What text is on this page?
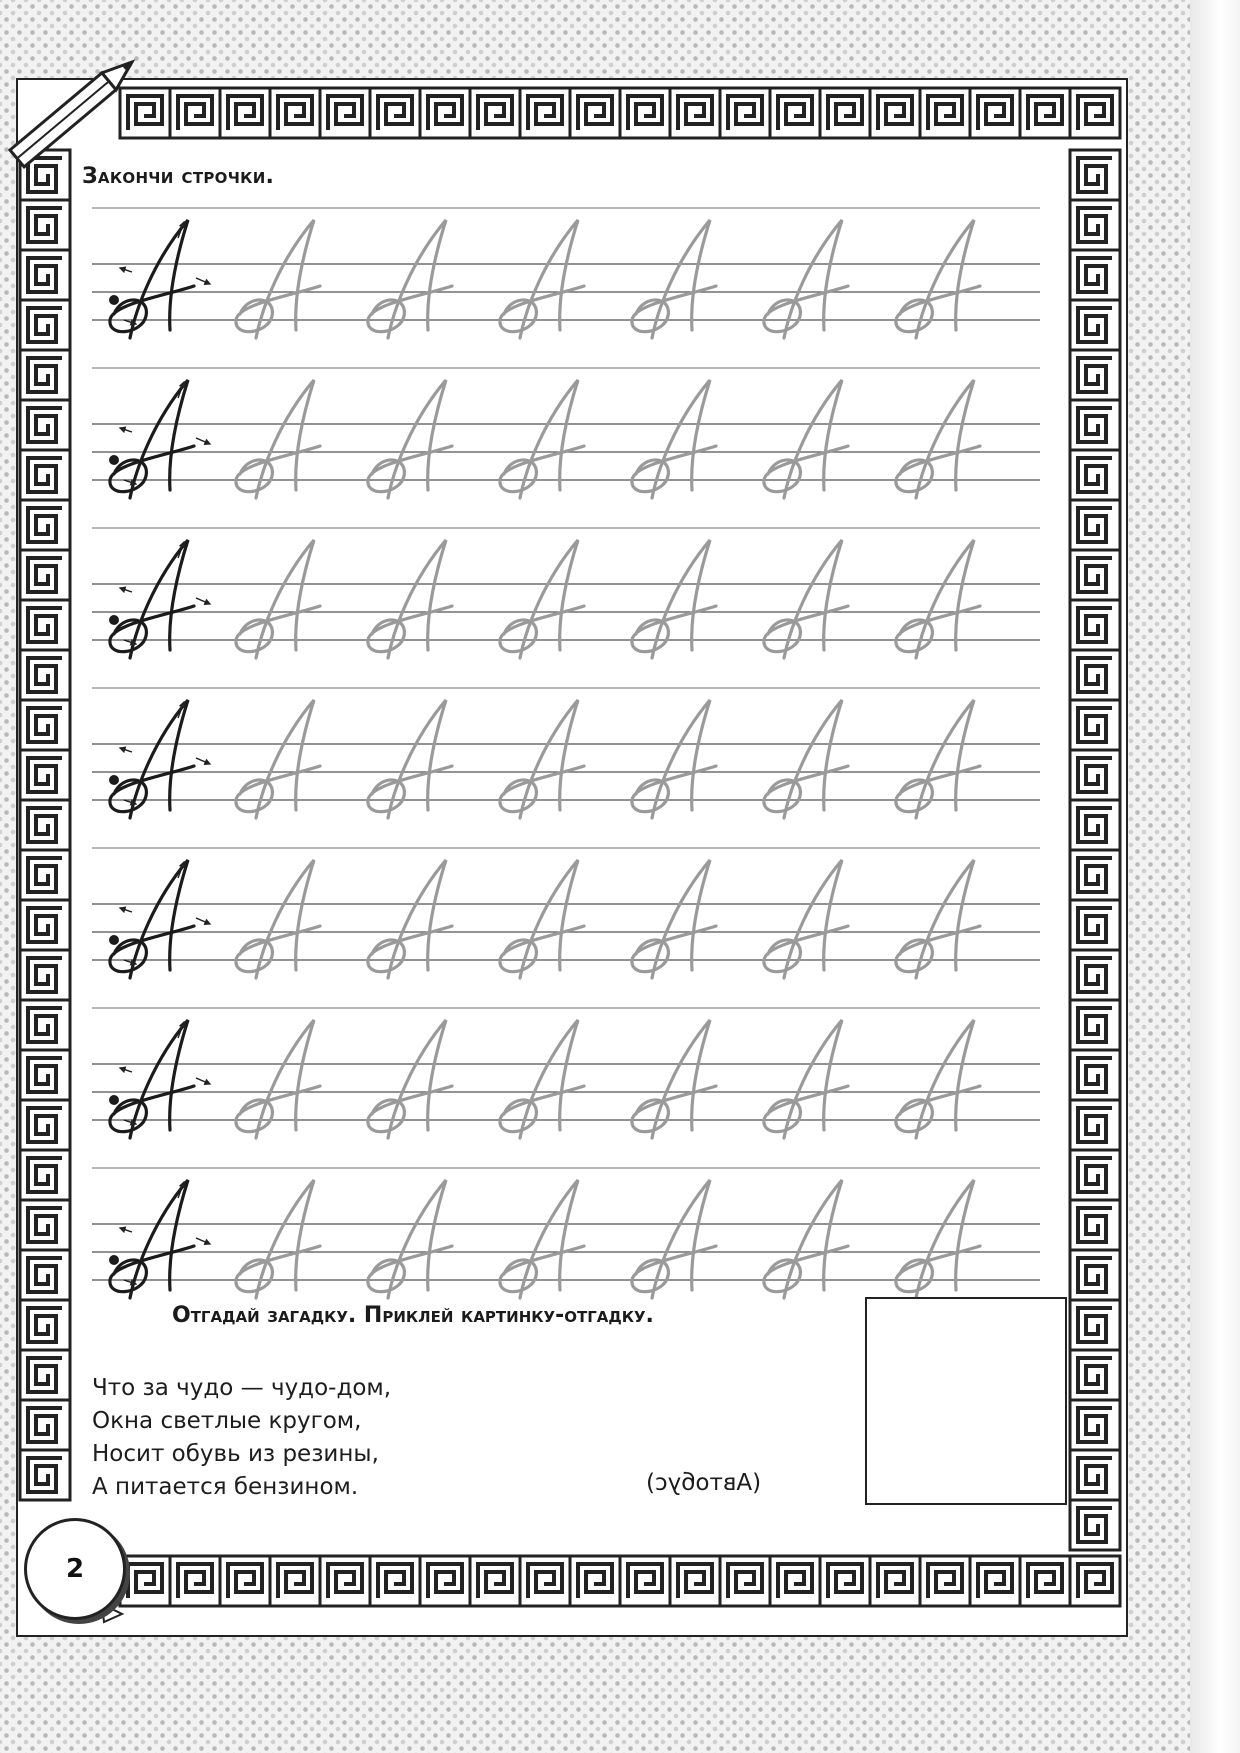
Закончи строчки.
Отгадай загадку. Приклей картинку-отгадку.
Что за чудо — чудо-дом,
Окна светлые кругом,
Носит обувь из резины,
А питается бензином.	(Автобус)
2
